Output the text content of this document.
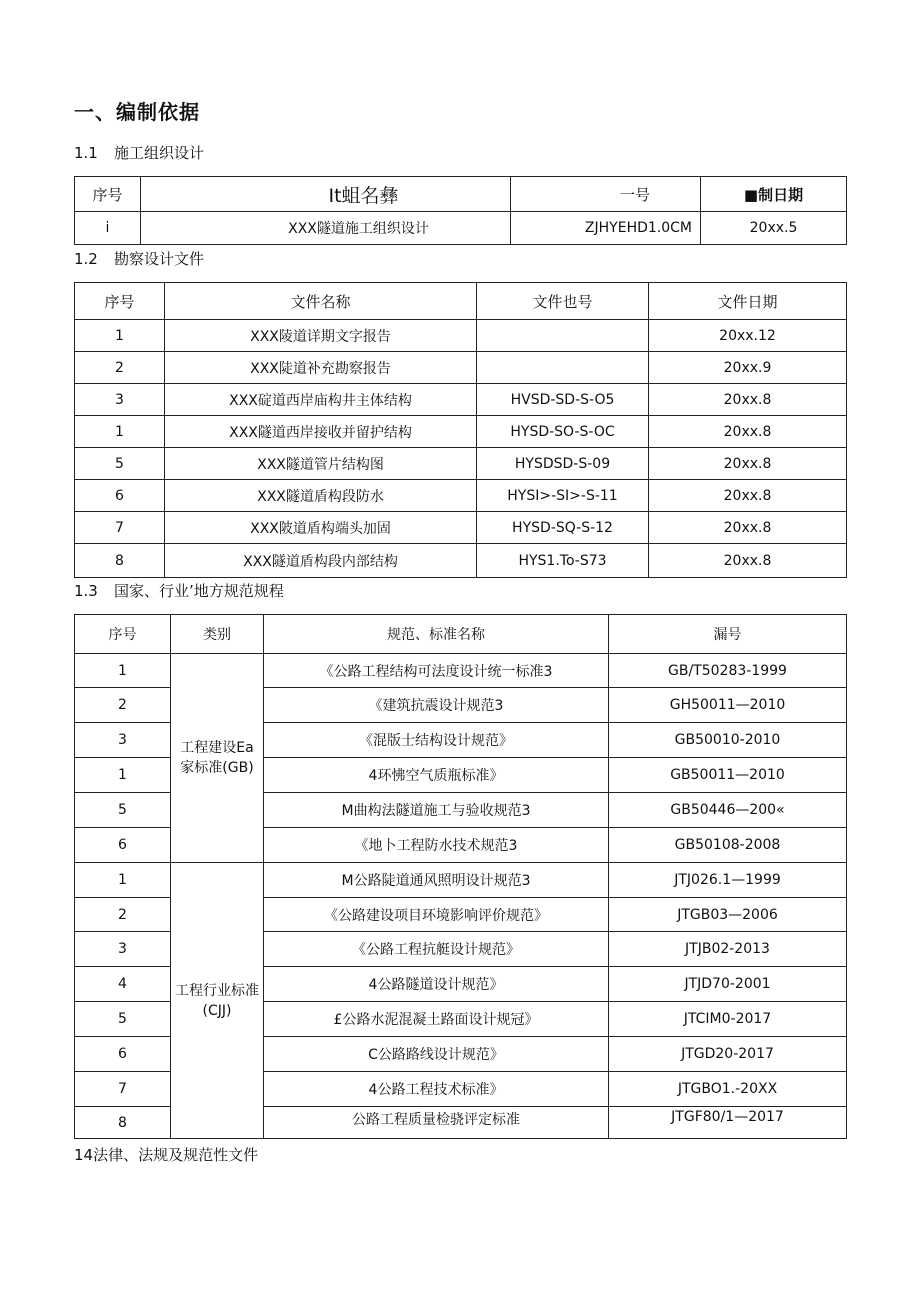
一、编制依据
1.1 施工组织设计
序号	It蛆名彝	一号	■制日期
i	XXX隧道施工组织设计	ZJHYEHD1.0CM	20xx.5
1.2 勘察设计文件
序号	文件名称	文件也号	文件日期
1	XXX陵道详期文字报告		20xx.12
2	XXX陡道补充勘察报告		20xx.9
3	XXX碇道西岸庙构井主体结构	HVSD-SD-S-O5	20xx.8
1	XXX隧道西岸接收并留护结构	HYSD-SO-S-OC	20xx.8
5	XXX隧道管片结构图	HYSDSD-S-09	20xx.8
6	XXX隧道盾构段防水	HYSI>-SI>-S-11	20xx.8
7	XXX陂道盾构端头加固	HYSD-SQ-S-12	20xx.8
8	XXX隧道盾构段内部结构	HYS1.To-S73	20xx.8
1.3 国家、行业’地方规范规程
序号	类别	规范、标准名称	漏号
1	工程建设Ea家标准(GB)	《公路工程结构可法度设计统一标准3	GB/T50283-1999
2		《建筑抗震设计规范3	GH50011—2010
3		《混版士结构设计规范》	GB50010-2010
1		4环怫空气质瓶标准》	GB50011—2010
5		M曲构法隧道施工与验收规范3	GB50446—200«
6		《地卜工程防水技术规范3	GB50108-2008
1	工程行业标准(CJJ)	M公路陡道通风照明设计规范3	JTJ026.1—1999
2		《公路建设项目环境影响评价规范》	JTGB03—2006
3		《公路工程抗艇设计规范》	JTJB02-2013
4		4公路隧道设计规范》	JTJD70-2001
5		£公路水泥混凝土路面设计规冠》	JTCIM0-2017
6		C公路路线设计规范》	JTGD20-2017
7		4公路工程技术标准》	JTGBO1.-20XX
8		公路工程质量检骁评定标准	JTGF80/1—2017
14法律、法规及规范性文件
